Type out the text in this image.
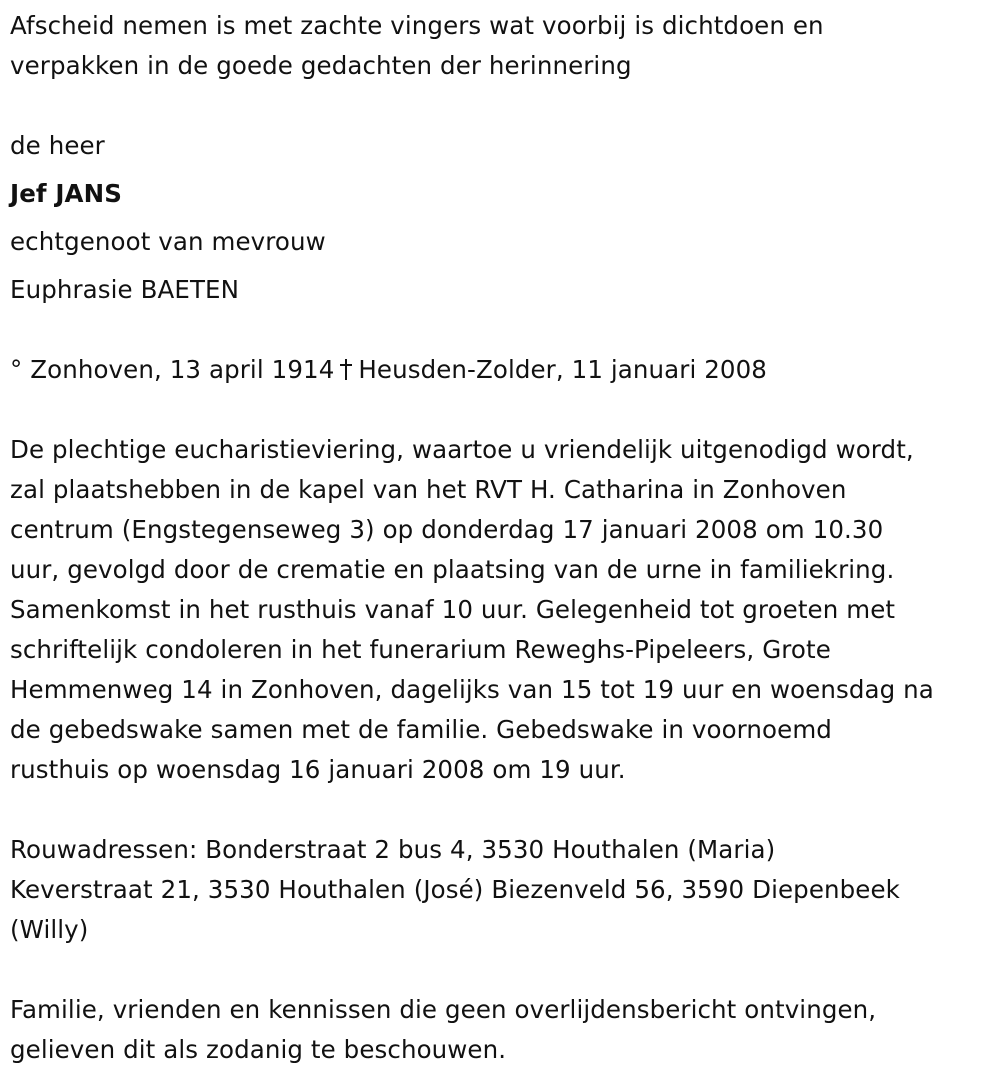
Afscheid nemen is met zachte vingers wat voorbij is dichtdoen en
verpakken in de goede gedachten der herinnering
de heer
Jef JANS
echtgenoot van mevrouw
Euphrasie BAETEN
° Zonhoven, 13 april 1914 Heusden-Zolder, 11 januari 2008
De plechtige eucharistieviering, waartoe u vriendelijk uitgenodigd wordt,
zal plaatshebben in de kapel van het RVT H. Catharina in Zonhoven
centrum (Engstegenseweg 3) op donderdag 17 januari 2008 om 10.30
uur, gevolgd door de crematie en plaatsing van de urne in familiekring.
Samenkomst in het rusthuis vanaf 10 uur. Gelegenheid tot groeten met
schriftelijk condoleren in het funerarium Reweghs-Pipeleers, Grote
Hemmenweg 14 in Zonhoven, dagelijks van 15 tot 19 uur en woensdag na
de gebedswake samen met de familie. Gebedswake in voornoemd
rusthuis op woensdag 16 januari 2008 om 19 uur.
Rouwadressen: Bonderstraat 2 bus 4, 3530 Houthalen (Maria)
Keverstraat 21, 3530 Houthalen (José) Biezenveld 56, 3590 Diepenbeek
(Willy)
Familie, vrienden en kennissen die geen overlijdensbericht ontvingen,
gelieven dit als zodanig te beschouwen.
